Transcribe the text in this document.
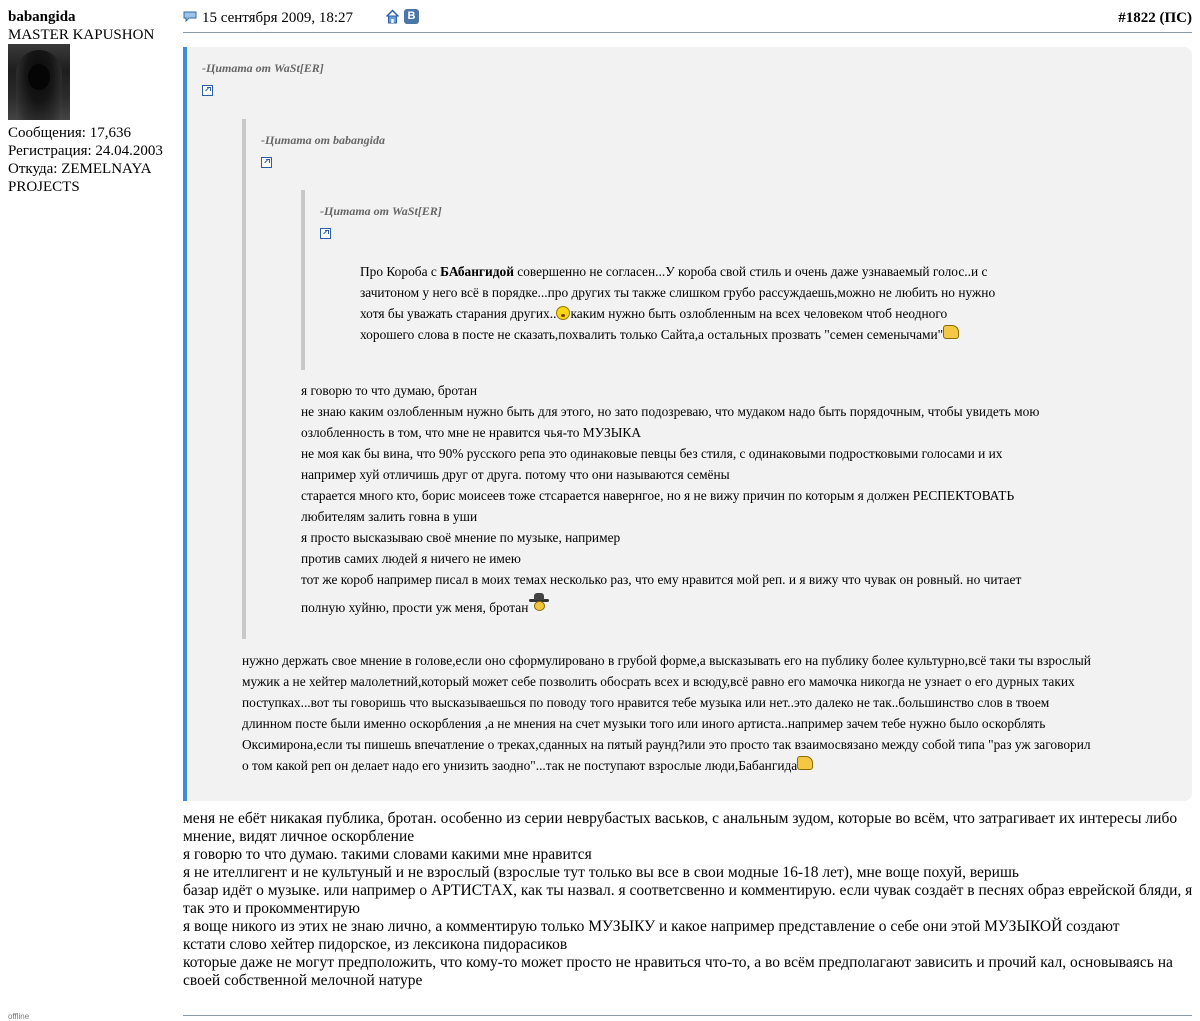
babangida
MASTER KAPUSHON
Сообщения: 17,636
Регистрация: 24.04.2003
Откуда: ZEMELNAYA
PROJECTS
offline
15 сентября 2009, 18:27	В	#1822 (ПС)
-Цитата от WaSt[ER]
-Цитата от babangida
-Цитата от WaSt[ER]
Про Короба с БАбангидой совершенно не согласен...У короба свой стиль и очень даже узнаваемый голос..и с
зачитоном у него всё в порядке...про других ты также слишком грубо рассуждаешь,можно не любить но нужно
хотя бы уважать старания других.. каким нужно быть озлобленным на всех человеком чтоб неодного
хорошего слова в посте не сказать,похвалить только Сайта,а остальных прозвать "семен семенычами"
я говорю то что думаю, бротан
не знаю каким озлобленным нужно быть для этого, но зато подозреваю, что мудаком надо быть порядочным, чтобы увидеть мою
озлобленность в том, что мне не нравится чья-то МУЗЫКА
не моя как бы вина, что 90% русского репа это одинаковые певцы без стиля, с одинаковыми подростковыми голосами и их
например хуй отличишь друг от друга. потому что они называются семёны
старается много кто, борис моисеев тоже стсарается навернгое, но я не вижу причин по которым я должен РЕСПЕКТОВАТЬ
любителям залить говна в уши
я просто высказываю своё мнение по музыке, например
против самих людей я ничего не имею
тот же короб например писал в моих темах несколько раз, что ему нравится мой реп. и я вижу что чувак он ровный. но читает
полную хуйню, прости уж меня, бротан
нужно держать свое мнение в голове,если оно сформулировано в грубой форме,а высказывать его на публику более культурно,всё таки ты взрослый
мужик а не хейтер малолетний,который может себе позволить обосрать всех и всюду,всё равно его мамочка никогда не узнает о его дурных таких
поступках...вот ты говоришь что высказываешься по поводу того нравится тебе музыка или нет..это далеко не так..большинство слов в твоем
длинном посте были именно оскорбления ,а не мнения на счет музыки того или иного артиста..например зачем тебе нужно было оскорблять
Оксимирона,если ты пишешь впечатление о треках,сданных на пятый раунд?или это просто так взаимосвязано между собой типа "раз уж заговорил
о том какой реп он делает надо его унизить заодно"...так не поступают взрослые люди,Бабангида
меня не ебёт никакая публика, бротан. особенно из серии неврубастых васьков, с анальным зудом, которые во всём, что затрагивает их интересы либо мнение, видят личное оскорбление
я говорю то что думаю. такими словами какими мне нравится
я не ителлигент и не культуный и не взрослый (взрослые тут только вы все в свои модные 16-18 лет), мне воще похуй, веришь
базар идёт о музыке. или например о АРТИСТАХ, как ты назвал. я соответсвенно и комментирую. если чувак создаёт в песнях образ еврейской бляди, я так это и прокомментирую
я воще никого из этих не знаю лично, а комментирую только МУЗЫКУ и какое например представление о себе они этой МУЗЫКОЙ создают
кстати слово хейтер пидорское, из лексикона пидорасиков
которые даже не могут предположить, что кому-то может просто не нравиться что-то, а во всём предполагают зависить и прочий кал, основываясь на своей собственной мелочной натуре
